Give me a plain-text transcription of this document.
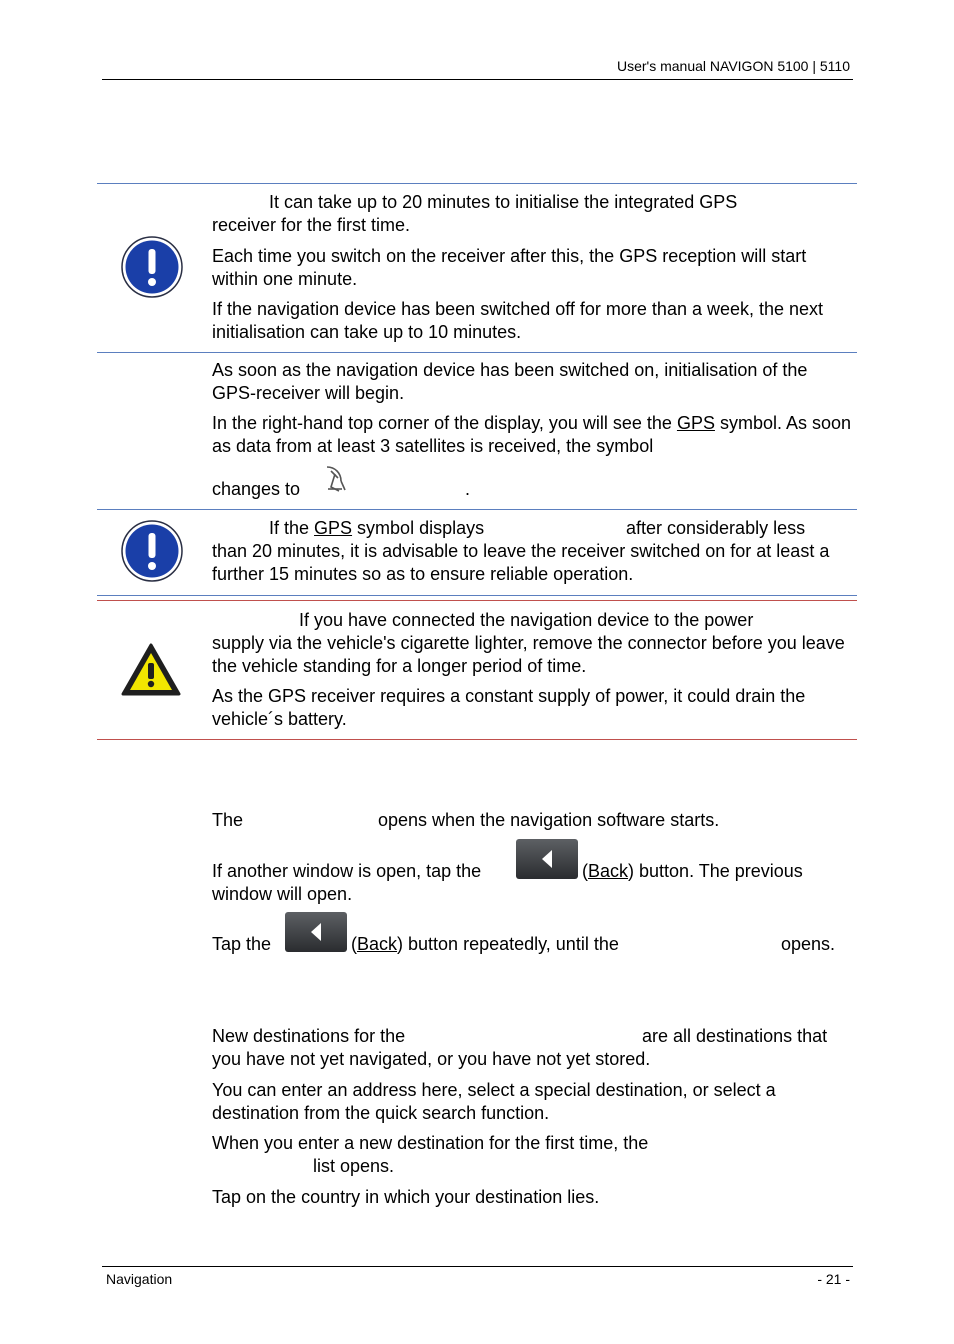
User's manual NAVIGON 5100 | 5110
It can take up to 20 minutes to initialise the integrated GPS
receiver for the first time.
Each time you switch on the receiver after this, the GPS reception will start within one minute.
If the navigation device has been switched off for more than a week, the next initialisation can take up to 10 minutes.
As soon as the navigation device has been switched on, initialisation of the GPS-receiver will begin.
In the right-hand top corner of the display, you will see the GPS symbol. As soon as data from at least 3 satellites is received, the symbol
changes to	.
If the GPS symbol displays	after considerably less
than 20 minutes, it is advisable to leave the receiver switched on for at least a further 15 minutes so as to ensure reliable operation.
If you have connected the navigation device to the power
supply via the vehicle's cigarette lighter, remove the connector before you leave the vehicle standing for a longer period of time.
As the GPS receiver requires a constant supply of power, it could drain the vehicle´s battery.
The	opens when the navigation software starts.
If another window is open, tap the	(Back) button. The previous
window will open.
Tap the	(Back) button repeatedly, until the	opens.
New destinations for the	are all destinations that
you have not yet navigated, or you have not yet stored.
You can enter an address here, select a special destination, or select a destination from the quick search function.
When you enter a new destination for the first time, the
list opens.
Tap on the country in which your destination lies.
Navigation	- 21 -
